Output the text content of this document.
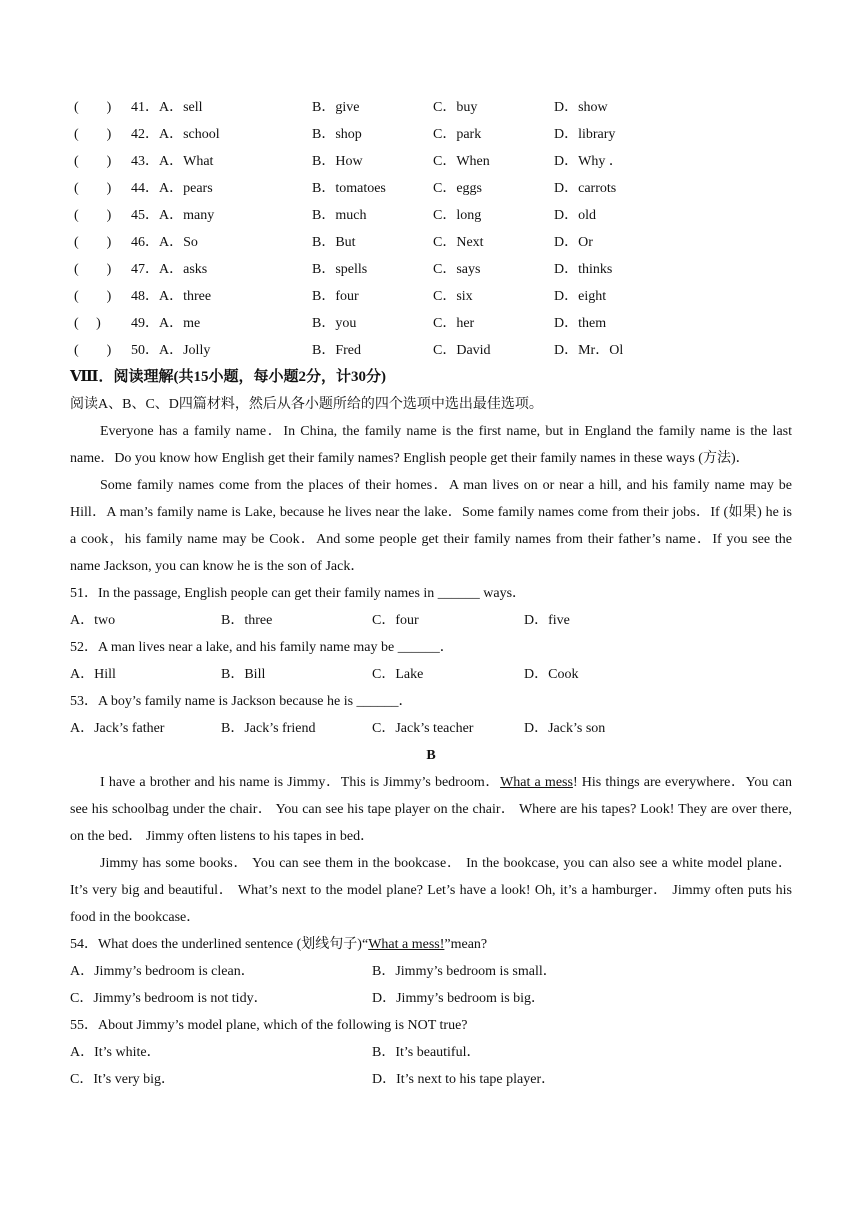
(　　) 41．A．sell	B．give	C．buy	D．show
(　　) 42．A．school	B．shop	C．park	D．library
(　　) 43．A．What	B．How	C．When	D．Why ．
(　　) 44．A．pears	B．tomatoes	C．eggs	D．carrots
(　　) 45．A．many	B．much	C．long	D．old
(　　) 46．A．So	B．But	C．Next	D．Or
(　　) 47．A．asks	B．spells	C．says	D．thinks
(　　) 48．A．three	B．four	C．six	D．eight
(　 ) 49．A．me	B．you	C．her	D．them
(　　) 50．A．Jolly	B．Fred	C．David	D．Mr．Ol
Ⅷ．阅读理解(共15小题，每小题2分，计30分)
阅读A、B、C、D四篇材料，然后从各小题所给的四个选项中选出最佳选项。

Everyone has a family name．In China, the family name is the first name, but in England the family name is the last name．Do you know how English get their family names? English people get their family names in these ways (方法)．

Some family names come from the places of their homes．A man lives on or near a hill, and his family name may be Hill．A man’s family name is Lake, because he lives near the lake．Some family names come from their jobs．If (如果) he is a cook，his family name may be Cook．And some people get their family names from their father’s name．If you see the name Jackson, you can know he is the son of Jack．

51．In the passage, English people can get their family names in ______ ways．
A．two	B．three	C．four	D．five
52．A man lives near a lake, and his family name may be ______．
A．Hill	B．Bill	C．Lake	D．Cook
53．A boy’s family name is Jackson because he is ______．
A．Jack’s father	B．Jack’s friend	C．Jack’s teacher	D．Jack’s son
B

I have a brother and his name is Jimmy．This is Jimmy’s bedroom．What a mess! His things are everywhere．You can see his schoolbag under the chair． You can see his tape player on the chair． Where are his tapes? Look! They are over there, on the bed． Jimmy often listens to his tapes in bed．

Jimmy has some books． You can see them in the bookcase． In the bookcase, you can also see a white model plane． It’s very big and beautiful． What’s next to the model plane? Let’s have a look! Oh, it’s a hamburger． Jimmy often puts his food in the bookcase．

54．What does the underlined sentence (划线句子)“What a mess!”mean?
A．Jimmy’s bedroom is clean．	B．Jimmy’s bedroom is small．
C．Jimmy’s bedroom is not tidy．	D．Jimmy’s bedroom is big．
55．About Jimmy’s model plane, which of the following is NOT true?
A．It’s white．	B．It’s beautiful．
C．It’s very big．	D．It’s next to his tape player．
